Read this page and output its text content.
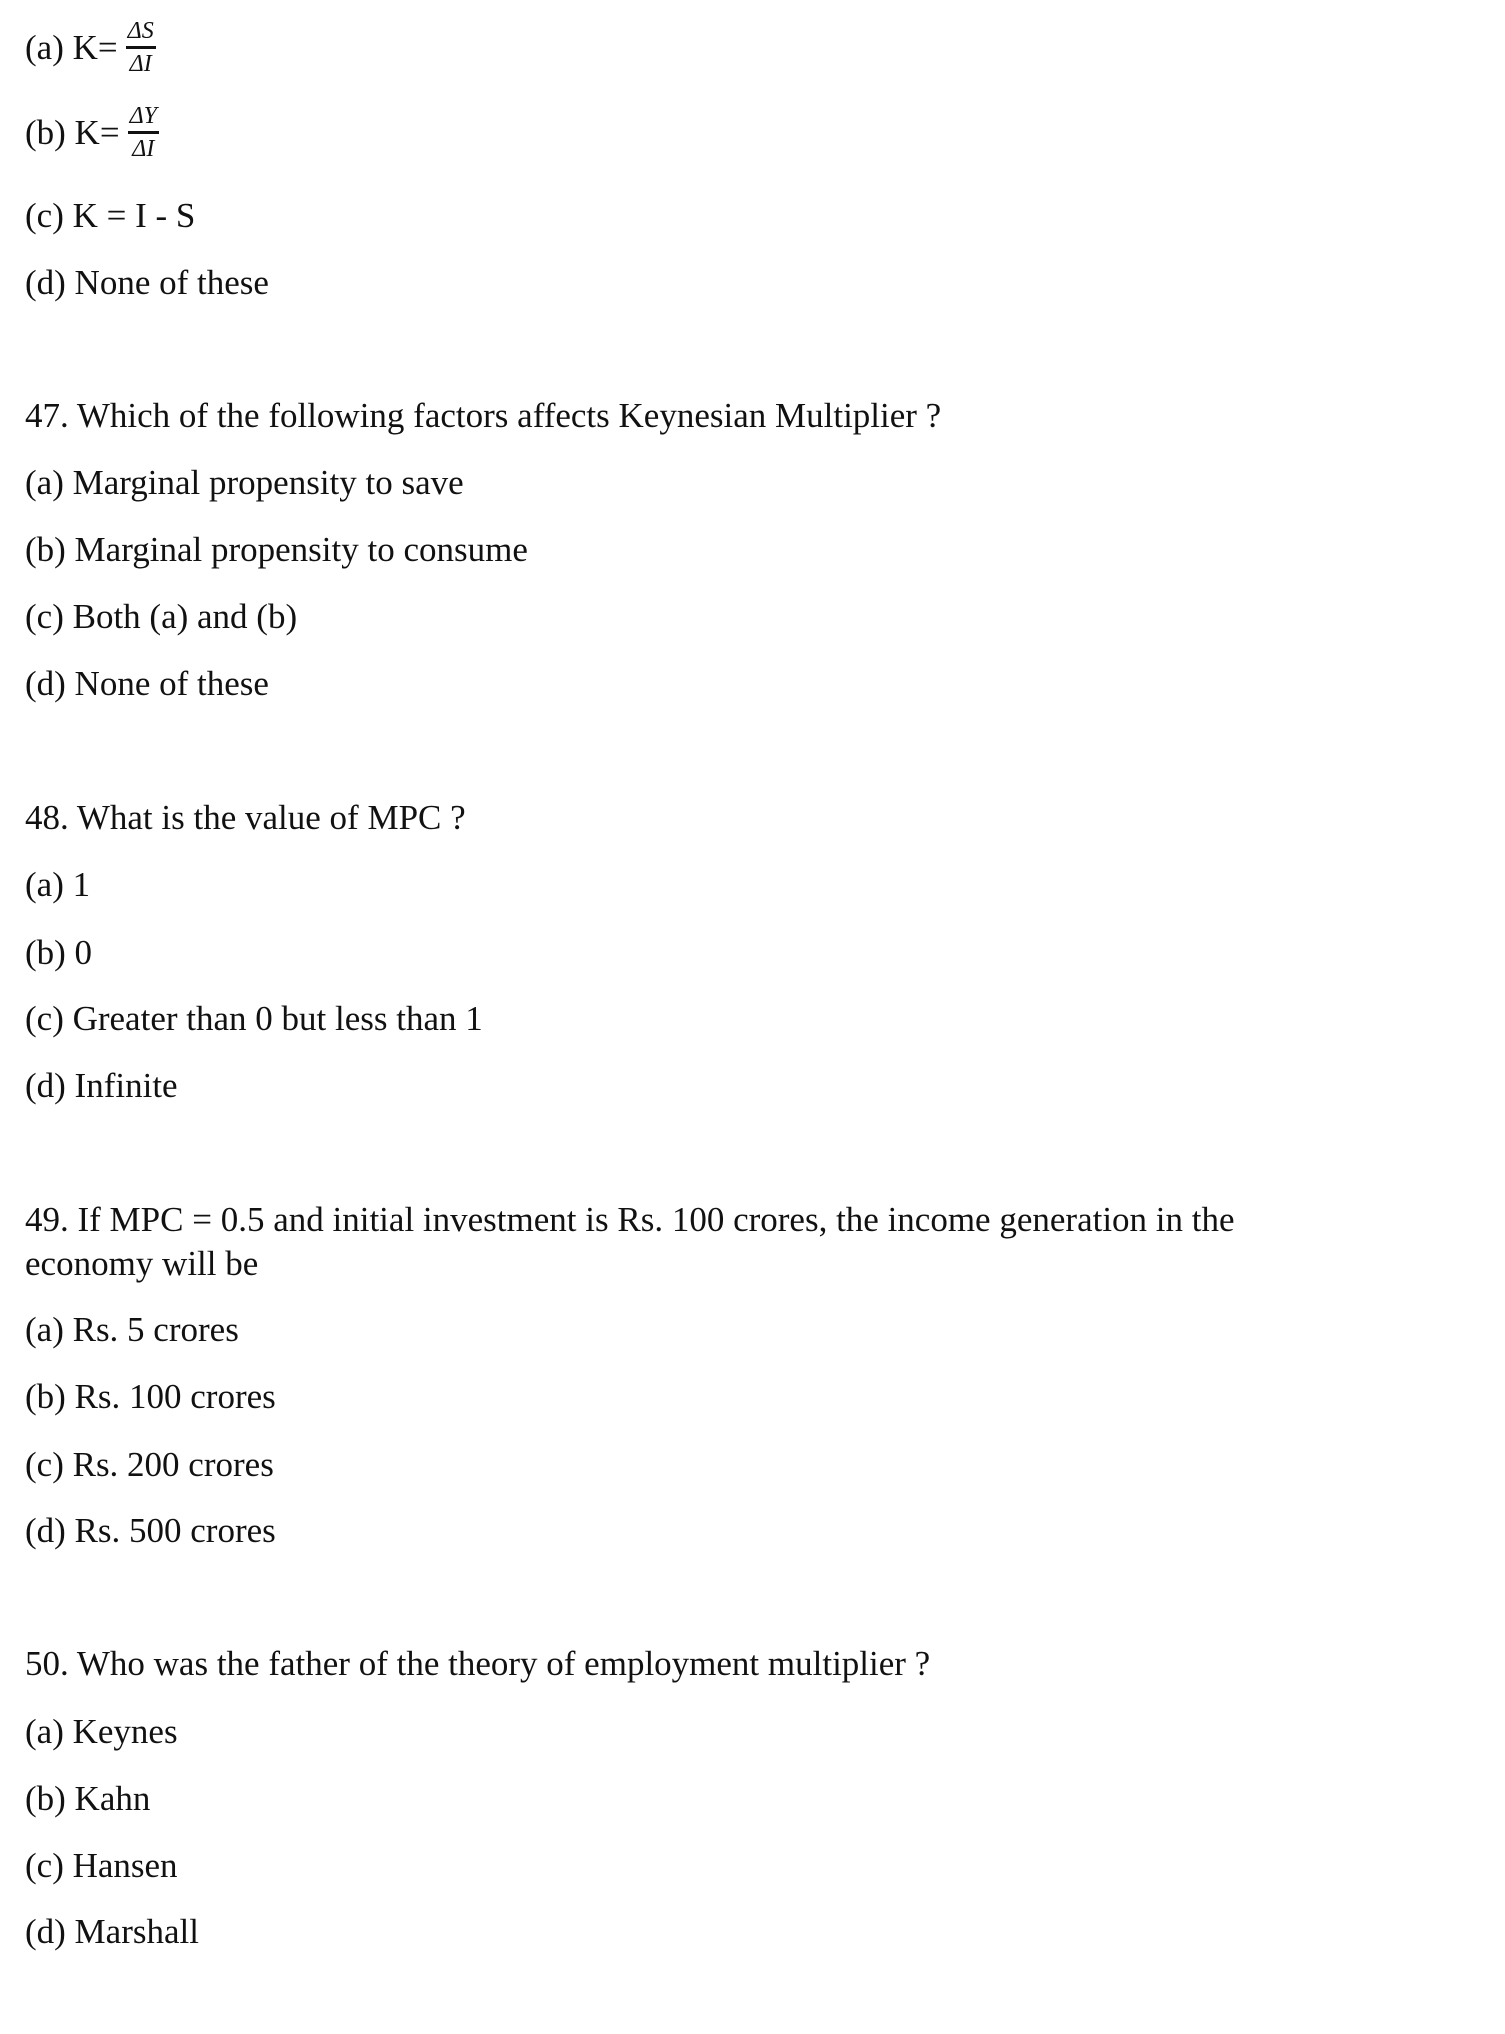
(a) $K= \frac{\Delta S}{\Delta I}$
(b) $K= \frac{\Delta Y}{\Delta I}$
(c) K = I - S
(d) None of these
47. Which of the following factors affects Keynesian Multiplier ?
(a) Marginal propensity to save
(b) Marginal propensity to consume
(c) Both (a) and (b)
(d) None of these
48. What is the value of MPC ?
(a) 1
(b) 0
(c) Greater than 0 but less than 1
(d) Infinite
49. If MPC = 0.5 and initial investment is Rs. 100 crores, the income generation in the
economy will be
(a) Rs. 5 crores
(b) Rs. 100 crores
(c) Rs. 200 crores
(d) Rs. 500 crores
50. Who was the father of the theory of employment multiplier ?
(a) Keynes
(b) Kahn
(c) Hansen
(d) Marshall
